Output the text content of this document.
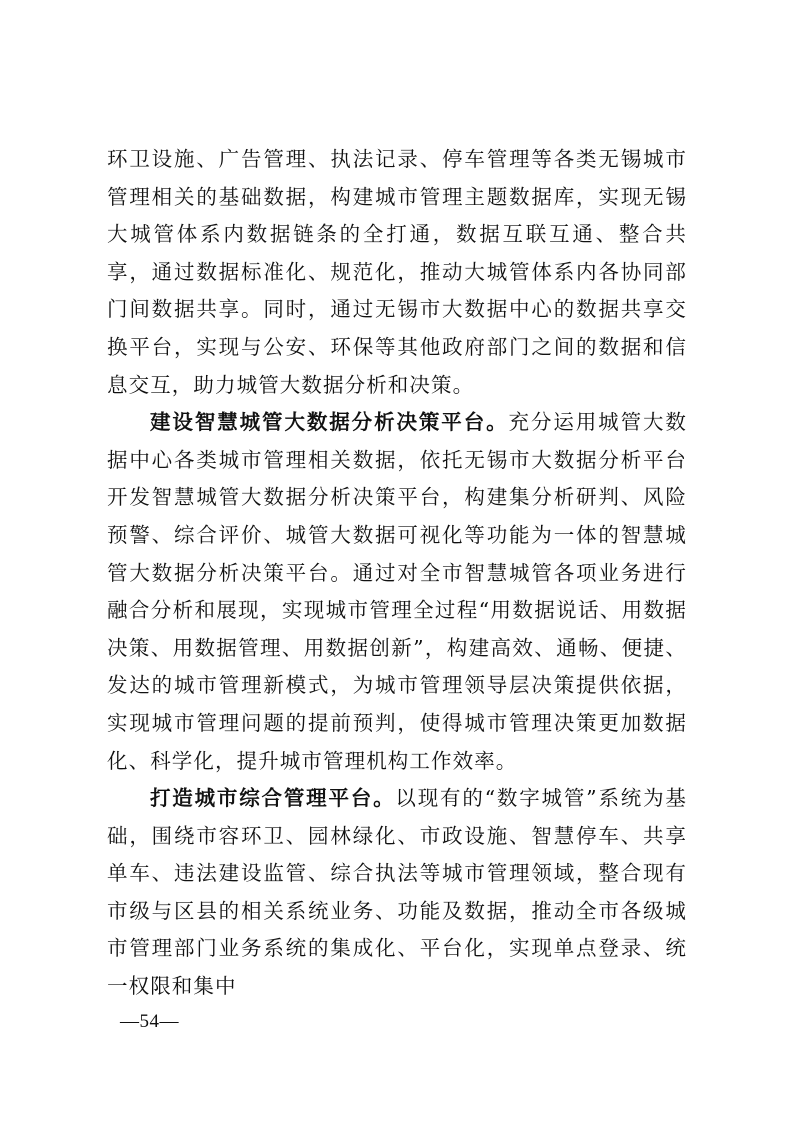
环卫设施、广告管理、执法记录、停车管理等各类无锡城市管理相关的基础数据，构建城市管理主题数据库，实现无锡大城管体系内数据链条的全打通，数据互联互通、整合共享，通过数据标准化、规范化，推动大城管体系内各协同部门间数据共享。同时，通过无锡市大数据中心的数据共享交换平台，实现与公安、环保等其他政府部门之间的数据和信息交互，助力城管大数据分析和决策。

建设智慧城管大数据分析决策平台。充分运用城管大数据中心各类城市管理相关数据，依托无锡市大数据分析平台开发智慧城管大数据分析决策平台，构建集分析研判、风险预警、综合评价、城管大数据可视化等功能为一体的智慧城管大数据分析决策平台。通过对全市智慧城管各项业务进行融合分析和展现，实现城市管理全过程“用数据说话、用数据决策、用数据管理、用数据创新”，构建高效、通畅、便捷、发达的城市管理新模式，为城市管理领导层决策提供依据，实现城市管理问题的提前预判，使得城市管理决策更加数据化、科学化，提升城市管理机构工作效率。

打造城市综合管理平台。以现有的“数字城管”系统为基础，围绕市容环卫、园林绿化、市政设施、智慧停车、共享单车、违法建设监管、综合执法等城市管理领域，整合现有市级与区县的相关系统业务、功能及数据，推动全市各级城市管理部门业务系统的集成化、平台化，实现单点登录、统一权限和集中

—54—
